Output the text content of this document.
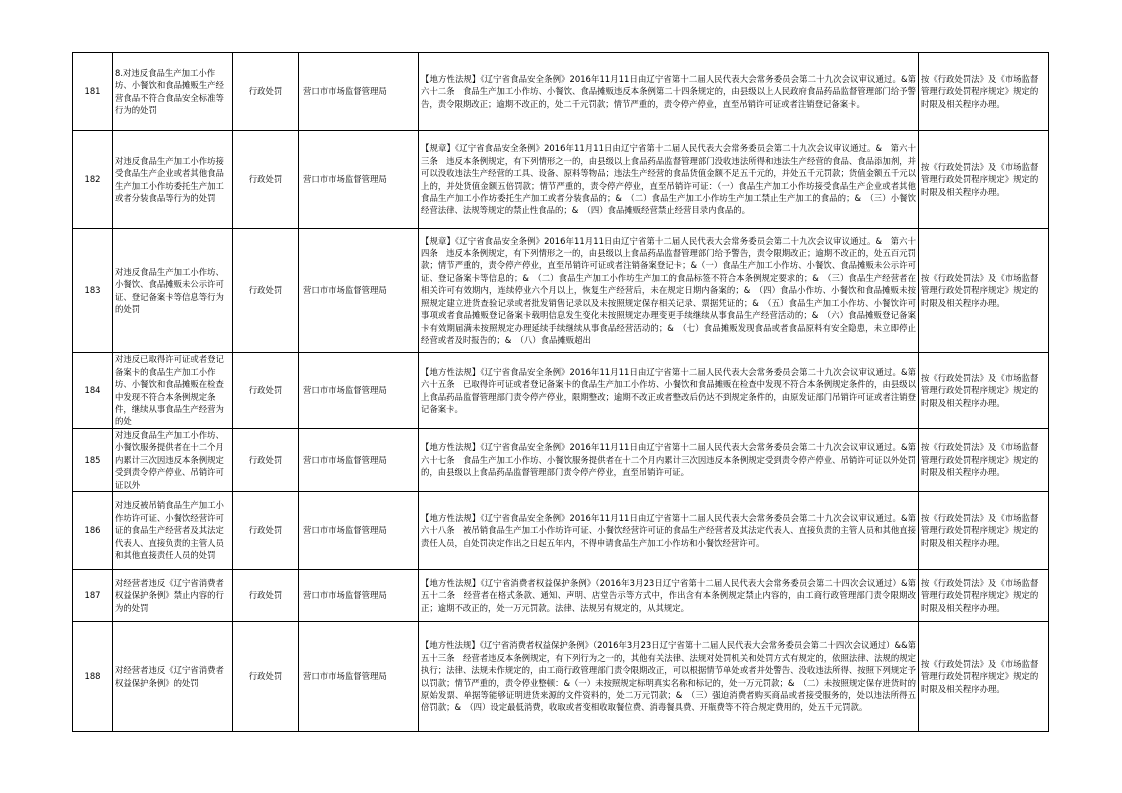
181	8.对违反食品生产加工小作坊、小餐饮和食品摊贩生产经营食品不符合食品安全标准等行为的处罚	行政处罚	营口市市场监督管理局	【地方性法规】《辽宁省食品安全条例》2016年11月11日由辽宁省第十二届人民代表大会常务委员会第二十九次会议审议通过。&第六十二条　食品生产加工小作坊、小餐饮、食品摊贩违反本条例第二十四条规定的，由县级以上人民政府食品药品监督管理部门给予警告，责令限期改正；逾期不改正的，处二千元罚款；情节严重的，责令停产停业，直至吊销许可证或者注销登记备案卡。	按《行政处罚法》及《市场监督管理行政处罚程序规定》规定的时限及相关程序办理。

182	对违反食品生产加工小作坊接受食品生产企业或者其他食品生产加工小作坊委托生产加工或者分装食品等行为的处罚	行政处罚	营口市市场监督管理局	【规章】《辽宁省食品安全条例》2016年11月11日由辽宁省第十二届人民代表大会常务委员会第二十九次会议审议通过。&　第六十三条　违反本条例规定，有下列情形之一的，由县级以上食品药品监督管理部门没收违法所得和违法生产经营的食品、食品添加剂，并可以没收违法生产经营的工具、设备、原料等物品；违法生产经营的食品货值金额不足五千元的，并处五千元罚款；货值金额五千元以上的，并处货值金额五倍罚款；情节严重的，责令停产停业，直至吊销许可证：（一）食品生产加工小作坊接受食品生产企业或者其他食品生产加工小作坊委托生产加工或者分装食品的；&　（二）食品生产加工小作坊生产加工禁止生产加工的食品的；&　（三）小餐饮经营法律、法规等规定的禁止性食品的；&　（四）食品摊贩经营禁止经营目录内食品的。	按《行政处罚法》及《市场监督管理行政处罚程序规定》规定的时限及相关程序办理。

183	对违反食品生产加工小作坊、小餐饮、食品摊贩未公示许可证、登记备案卡等信息等行为的处罚	行政处罚	营口市市场监督管理局	【规章】《辽宁省食品安全条例》2016年11月11日由辽宁省第十二届人民代表大会常务委员会第二十九次会议审议通过。&　第六十四条　违反本条例规定，有下列情形之一的，由县级以上食品药品监督管理部门给予警告，责令限期改正；逾期不改正的，处五百元罚款；情节严重的，责令停产停业，直至吊销许可证或者注销备案登记卡；&（一）食品生产加工小作坊、小餐饮、食品摊贩未公示许可证、登记备案卡等信息的；&　（二）食品生产加工小作坊生产加工的食品标签不符合本条例规定要求的；&　（三）食品生产经营者在相关许可有效期内，连续停业六个月以上，恢复生产经营后，未在规定日期内备案的；&　（四）食品小作坊、小餐饮和食品摊贩未按照规定建立进货查验记录或者批发销售记录以及未按照规定保存相关记录、票据凭证的；&　（五）食品生产加工小作坊、小餐饮许可事项或者食品摊贩登记备案卡载明信息发生变化未按照规定办理变更手续继续从事食品生产经营活动的；&　（六）食品摊贩登记备案卡有效期届满未按照规定办理延续手续继续从事食品经营活动的；&　（七）食品摊贩发现食品或者食品原料有安全隐患，未立即停止经营或者及时报告的；&　（八）食品摊贩超出	按《行政处罚法》及《市场监督管理行政处罚程序规定》规定的时限及相关程序办理。

184	对违反已取得许可证或者登记备案卡的食品生产加工小作坊、小餐饮和食品摊贩在检查中发现不符合本条例规定条件，继续从事食品生产经营为的处	行政处罚	营口市市场监督管理局	【地方性法规】《辽宁省食品安全条例》2016年11月11日由辽宁省第十二届人民代表大会常务委员会第二十九次会议审议通过。&第六十五条　已取得许可证或者登记备案卡的食品生产加工小作坊、小餐饮和食品摊贩在检查中发现不符合本条例规定条件的，由县级以上食品药品监督管理部门责令停产停业，限期整改；逾期不改正或者整改后仍达不到规定条件的，由原发证部门吊销许可证或者注销登记备案卡。	按《行政处罚法》及《市场监督管理行政处罚程序规定》规定的时限及相关程序办理。

185	对违反食品生产加工小作坊、小餐饮服务提供者在十二个月内累计三次因违反本条例规定受到责令停产停业、吊销许可证以外	行政处罚	营口市市场监督管理局	【地方性法规】《辽宁省食品安全条例》2016年11月11日由辽宁省第十二届人民代表大会常务委员会第二十九次会议审议通过。&第六十七条　食品生产加工小作坊、小餐饮服务提供者在十二个月内累计三次因违反本条例规定受到责令停产停业、吊销许可证以外处罚的，由县级以上食品药品监督管理部门责令停产停业，直至吊销许可证。	按《行政处罚法》及《市场监督管理行政处罚程序规定》规定的时限及相关程序办理。

186	对违反被吊销食品生产加工小作坊许可证、小餐饮经营许可证的食品生产经营者及其法定代表人、直接负责的主管人员和其他直接责任人员的处罚	行政处罚	营口市市场监督管理局	【地方性法规】《辽宁省食品安全条例》2016年11月11日由辽宁省第十二届人民代表大会常务委员会第二十九次会议审议通过。&第六十八条　被吊销食品生产加工小作坊许可证、小餐饮经营许可证的食品生产经营者及其法定代表人、直接负责的主管人员和其他直接责任人员，自处罚决定作出之日起五年内，不得申请食品生产加工小作坊和小餐饮经营许可。	按《行政处罚法》及《市场监督管理行政处罚程序规定》规定的时限及相关程序办理。

187	对经营者违反《辽宁省消费者权益保护条例》禁止内容的行为的处罚	行政处罚	营口市市场监督管理局	【地方性法规】《辽宁省消费者权益保护条例》（2016年3月23日辽宁省第十二届人民代表大会常务委员会第二十四次会议通过）&第五十二条　经营者在格式条款、通知、声明、店堂告示等方式中，作出含有本条例规定禁止内容的，由工商行政管理部门责令限期改正；逾期不改正的，处一万元罚款。法律、法规另有规定的，从其规定。	按《行政处罚法》及《市场监督管理行政处罚程序规定》规定的时限及相关程序办理。

188	对经营者违反《辽宁省消费者权益保护条例》的处罚	行政处罚	营口市市场监督管理局	【地方性法规】《辽宁省消费者权益保护条例》（2016年3月23日辽宁省第十二届人民代表大会常务委员会第二十四次会议通过）&&第五十三条　经营者违反本条例规定，有下列行为之一的，其他有关法律、法规对处罚机关和处罚方式有规定的，依照法律、法规的规定执行；法律、法规未作规定的，由工商行政管理部门责令限期改正，可以根据情节单处或者并处警告、没收违法所得、按照下列规定予以罚款；情节严重的，责令停业整顿：&（一）未按照规定标明真实名称和标记的，处一万元罚款；&　（二）未按照规定保存进货时的原始发票、单据等能够证明进货来源的文件资料的，处二万元罚款；&　（三）强迫消费者购买商品或者接受服务的，处以违法所得五倍罚款；&　（四）设定最低消费，收取或者变相收取餐位费、消毒餐具费、开瓶费等不符合规定费用的，处五千元罚款。	按《行政处罚法》及《市场监督管理行政处罚程序规定》规定的时限及相关程序办理。
